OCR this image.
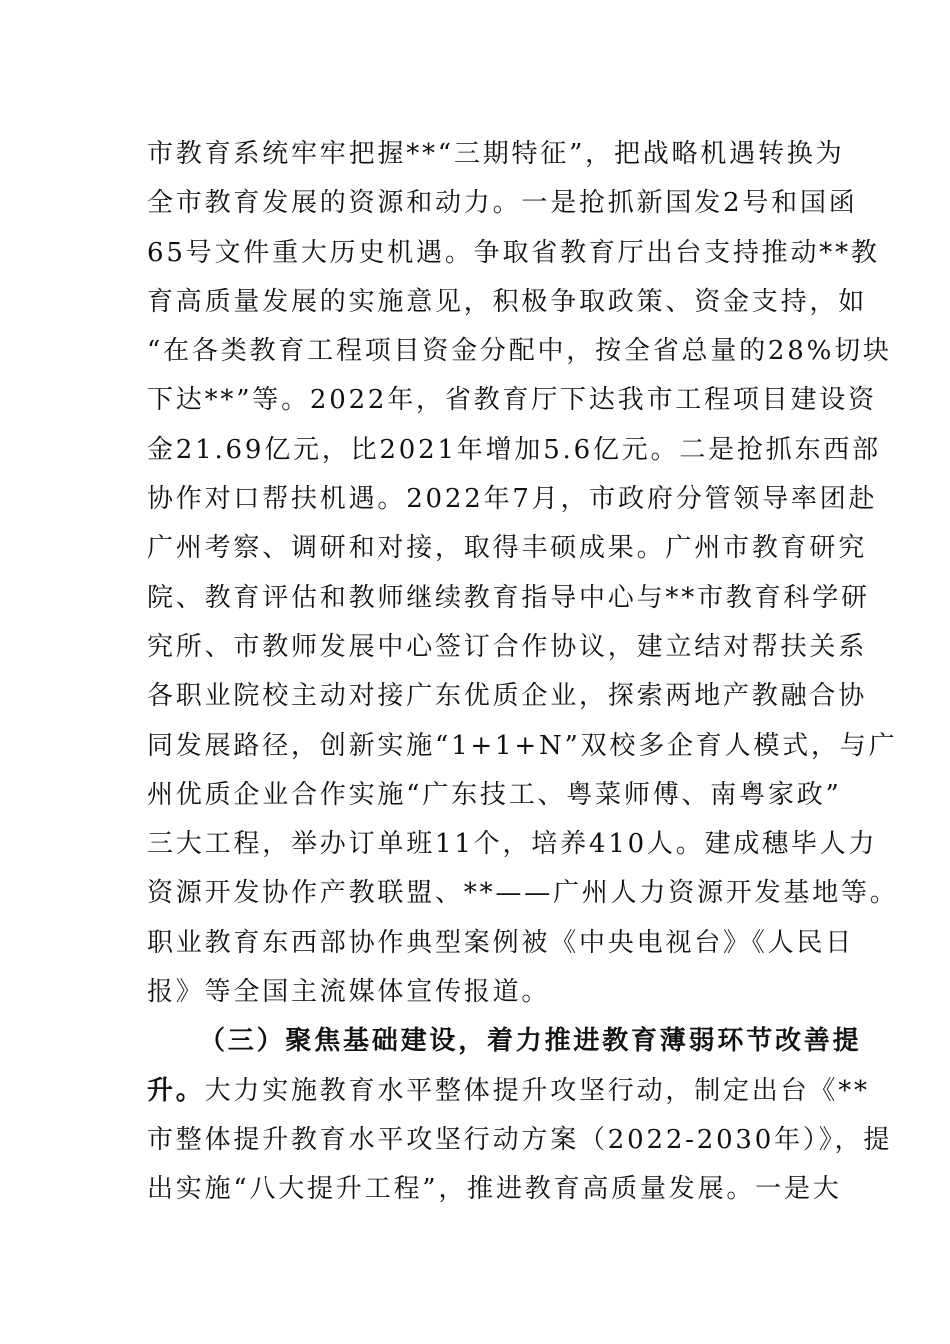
市教育系统牢牢把握**“三期特征”，把战略机遇转换为
全市教育发展的资源和动力。一是抢抓新国发2号和国函
65号文件重大历史机遇。争取省教育厅出台支持推动**教
育高质量发展的实施意见，积极争取政策、资金支持，如
“在各类教育工程项目资金分配中，按全省总量的28%切块
下达**”等。2022年，省教育厅下达我市工程项目建设资
金21.69亿元，比2021年增加5.6亿元。二是抢抓东西部
协作对口帮扶机遇。2022年7月，市政府分管领导率团赴
广州考察、调研和对接，取得丰硕成果。广州市教育研究
院、教育评估和教师继续教育指导中心与**市教育科学研
究所、市教师发展中心签订合作协议，建立结对帮扶关系
各职业院校主动对接广东优质企业，探索两地产教融合协
同发展路径，创新实施“1+1+N”双校多企育人模式，与广
州优质企业合作实施“广东技工、粤菜师傅、南粤家政”
三大工程，举办订单班11个，培养410人。建成穗毕人力
资源开发协作产教联盟、**——广州人力资源开发基地等。
职业教育东西部协作典型案例被《中央电视台》《人民日
报》等全国主流媒体宣传报道。
（三）聚焦基础建设，着力推进教育薄弱环节改善提
升。大力实施教育水平整体提升攻坚行动，制定出台《**
市整体提升教育水平攻坚行动方案（2022-2030年）》，提
出实施“八大提升工程”，推进教育高质量发展。一是大
